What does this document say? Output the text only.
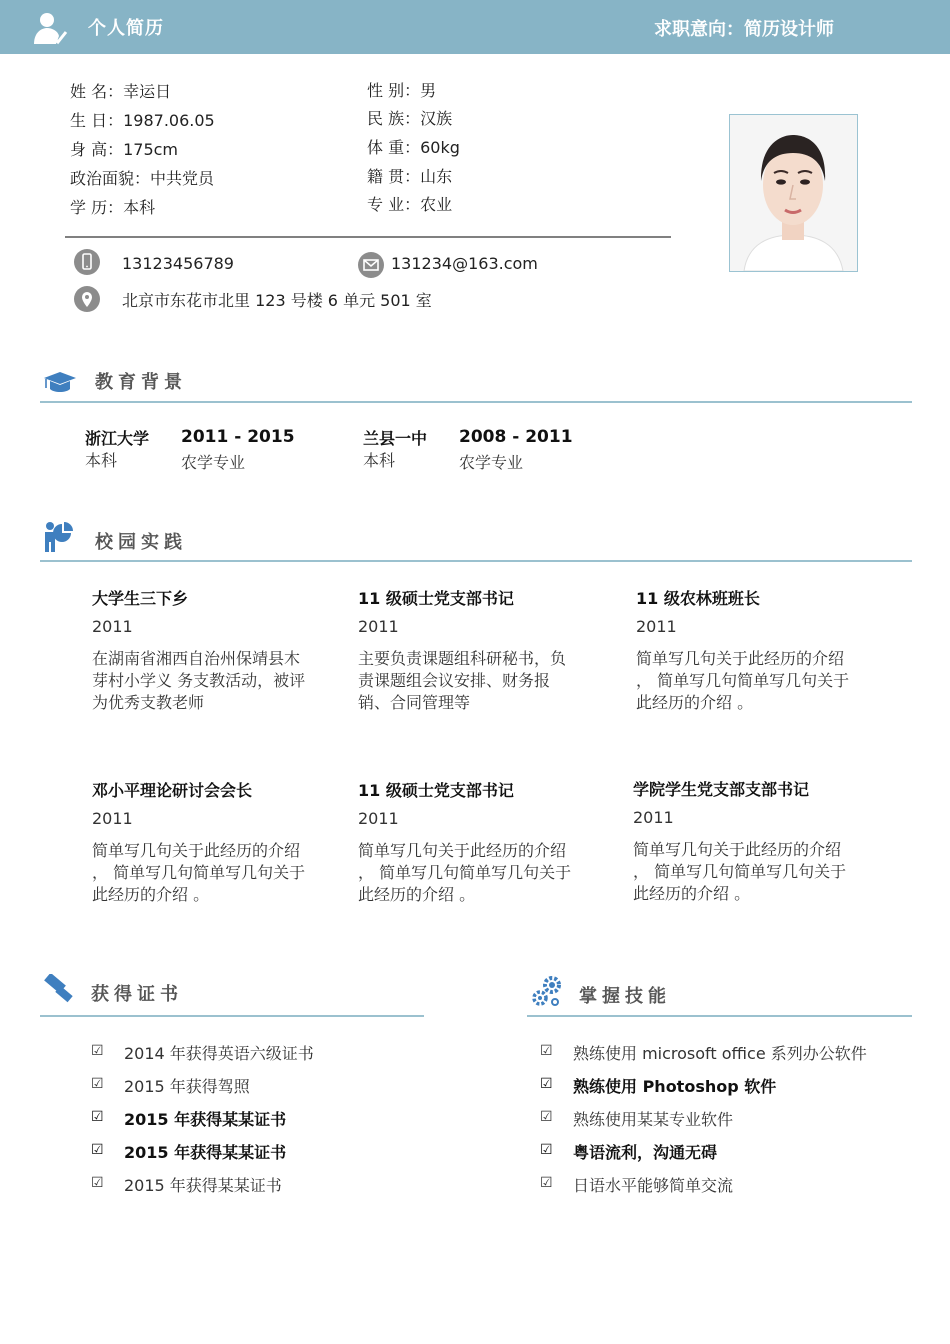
个人简历	求职意向：简历设计师
姓 名：幸运日
生 日：1987.06.05
身 高：175cm
政治面貌：中共党员
学 历：本科
性 别：男
民 族：汉族
体 重：60kg
籍 贯：山东
专 业：农业
13123456789	131234@163.com
北京市东花市北里 123 号楼 6 单元 501 室
教育背景
浙江大学
本科
2011 - 2015
农学专业
兰县一中
本科
2008 - 2011
农学专业
校园实践
大学生三下乡
2011
在湖南省湘西自治州保靖县木芽村小学义 务支教活动，被评为优秀支教老师
11 级硕士党支部书记
2011
主要负责课题组科研秘书，负责课题组会议安排、财务报销、合同管理等
11 级农林班班长
2011
简单写几句关于此经历的介绍 ， 简单写几句简单写几句关于此经历的介绍 。
邓小平理论研讨会会长
2011
简单写几句关于此经历的介绍 ， 简单写几句简单写几句关于此经历的介绍 。
11 级硕士党支部书记
2011
简单写几句关于此经历的介绍 ， 简单写几句简单写几句关于此经历的介绍 。
学院学生党支部支部书记
2011
简单写几句关于此经历的介绍 ， 简单写几句简单写几句关于此经历的介绍 。
获得证书
☑ 2014 年获得英语六级证书
☑ 2015 年获得驾照
☑ 2015 年获得某某证书
☑ 2015 年获得某某证书
☑ 2015 年获得某某证书
掌握技能
☑ 熟练使用 microsoft office 系列办公软件
☑ 熟练使用 Photoshop 软件
☑ 熟练使用某某专业软件
☑ 粤语流利，沟通无碍
☑ 日语水平能够简单交流
